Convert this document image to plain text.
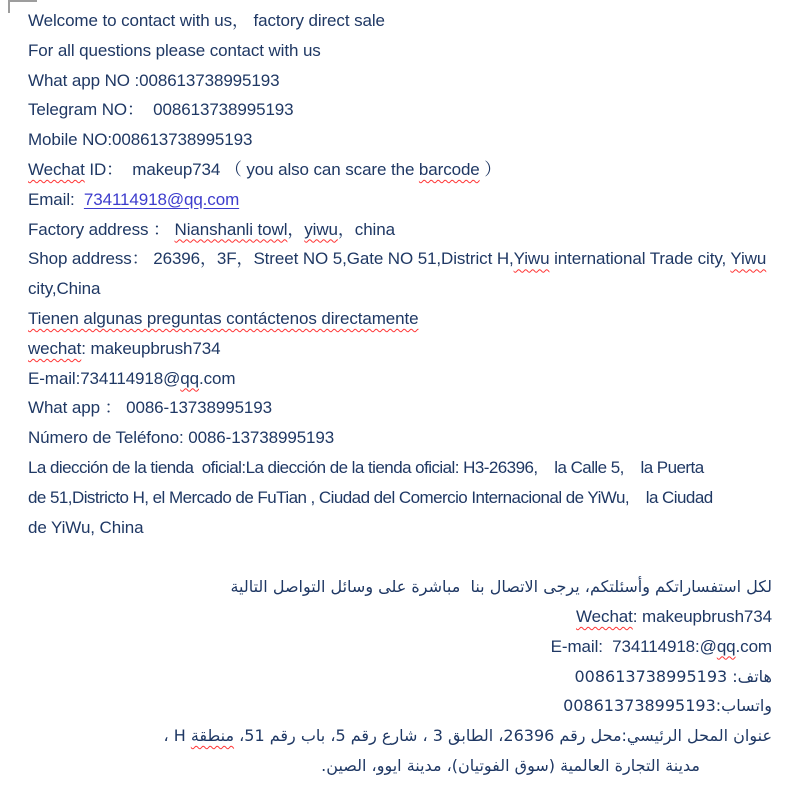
Welcome to contact with us， factory direct sale
For all questions please contact with us
What app NO :008613738995193
Telegram NO：  008613738995193
Mobile NO:008613738995193
Wechat ID：  makeup734 （ you also can scare the barcode ）
Email:  734114918@qq.com
Factory address ： Nianshanli towl，yiwu，china
Shop address： 26396，3F，Street NO 5,Gate NO 51,District H,Yiwu international Trade city, Yiwu
city,China
Tienen algunas preguntas contáctenos directamente
wechat: makeupbrush734
E-mail:734114918@qq.com
What app ： 0086-13738995193
Número de Teléfono: 0086-13738995193
La diección de la tienda  oficial:La diección de la tienda oficial: H3-26396,    la Calle 5,    la Puerta
de 51,Districto H, el Mercado de FuTian , Ciudad del Comercio Internacional de YiWu,    la Ciudad
de YiWu, China
لكل استفساراتكم وأسئلتكم، يرجى الاتصال بنا  مباشرة على وسائل التواصل التالية
Wechat: makeupbrush734
E-mail:  734114918:@qq.com
هاتف: 008613738995193
واتساب:008613738995193
عنوان المحل الرئيسي:محل رقم 26396، الطابق 3 ، شارع رقم 5، باب رقم 51، منطقة H ،
مدينة التجارة العالمية (سوق الفوتيان)، مدينة ايوو، الصين.
